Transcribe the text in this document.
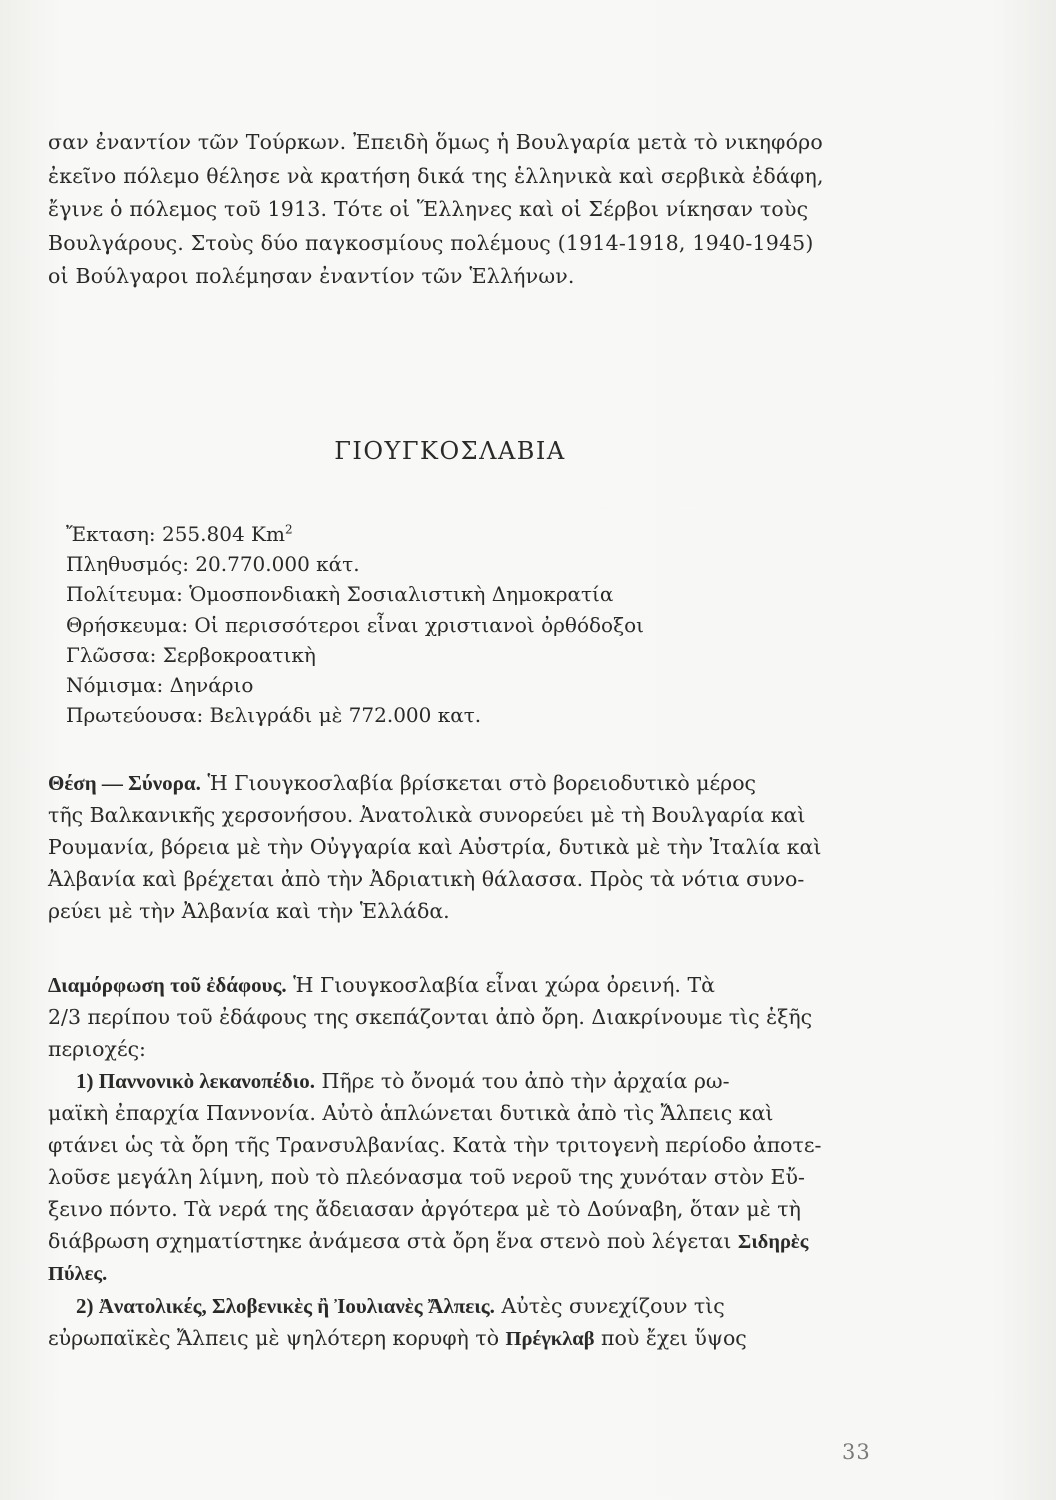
σαν ἐναντίον τῶν Τούρκων. Ἐπειδὴ ὅμως ἡ Βουλγαρία μετὰ τὸ νικηφόρο
ἐκεῖνο πόλεμο θέλησε νὰ κρατήση δικά της ἑλληνικὰ καὶ σερβικὰ ἐδάφη,
ἔγινε ὁ πόλεμος τοῦ 1913. Τότε οἱ Ἕλληνες καὶ οἱ Σέρβοι νίκησαν τοὺς
Βουλγάρους. Στοὺς δύο παγκοσμίους πολέμους (1914-1918, 1940-1945)
οἱ Βούλγαροι πολέμησαν ἐναντίον τῶν Ἑλλήνων.
ΓΙΟΥΓΚΟΣΛΑΒΙΑ
Ἔκταση: 255.804 Km$^2$
Πληθυσμός: 20.770.000 κάτ.
Πολίτευμα: Ὁμοσπονδιακὴ Σοσιαλιστικὴ Δημοκρατία
Θρήσκευμα: Οἱ περισσότεροι εἶναι χριστιανοὶ ὀρθόδοξοι
Γλῶσσα: Σερβοκροατικὴ
Νόμισμα: Δηνάριο
Πρωτεύουσα: Βελιγράδι μὲ 772.000 κατ.
Θέση — Σύνορα. Ἡ Γιουγκοσλαβία βρίσκεται στὸ βορειοδυτικὸ μέρος
τῆς Βαλκανικῆς χερσονήσου. Ἀνατολικὰ συνορεύει μὲ τὴ Βουλγαρία καὶ
Ρουμανία, βόρεια μὲ τὴν Οὐγγαρία καὶ Αὐστρία, δυτικὰ μὲ τὴν Ἰταλία καὶ
Ἀλβανία καὶ βρέχεται ἀπὸ τὴν Ἀδριατικὴ θάλασσα. Πρὸς τὰ νότια συνο-
ρεύει μὲ τὴν Ἀλβανία καὶ τὴν Ἑλλάδα.
Διαμόρφωση τοῦ ἐδάφους. Ἡ Γιουγκοσλαβία εἶναι χώρα ὀρεινή. Τὰ
2/3 περίπου τοῦ ἐδάφους της σκεπάζονται ἀπὸ ὄρη. Διακρίνουμε τὶς ἑξῆς
περιοχές:
1) Παννονικὸ λεκανοπέδιο. Πῆρε τὸ ὄνομά του ἀπὸ τὴν ἀρχαία ρω-
μαϊκὴ ἐπαρχία Παννονία. Αὐτὸ ἁπλώνεται δυτικὰ ἀπὸ τὶς Ἄλπεις καὶ
φτάνει ὡς τὰ ὄρη τῆς Τρανσυλβανίας. Κατὰ τὴν τριτογενὴ περίοδο ἀποτε-
λοῦσε μεγάλη λίμνη, ποὺ τὸ πλεόνασμα τοῦ νεροῦ της χυνόταν στὸν Εὔ-
ξεινο πόντο. Τὰ νερά της ἄδειασαν ἀργότερα μὲ τὸ Δούναβη, ὅταν μὲ τὴ
διάβρωση σχηματίστηκε ἀνάμεσα στὰ ὄρη ἕνα στενὸ ποὺ λέγεται Σιδηρὲς
Πύλες.
2) Ἀνατολικές, Σλοβενικὲς ἢ Ἰουλιανὲς Ἄλπεις. Αὐτὲς συνεχίζουν τὶς
εὐρωπαϊκὲς Ἄλπεις μὲ ψηλότερη κορυφὴ τὸ Πρέγκλαβ ποὺ ἔχει ὕψος
33
